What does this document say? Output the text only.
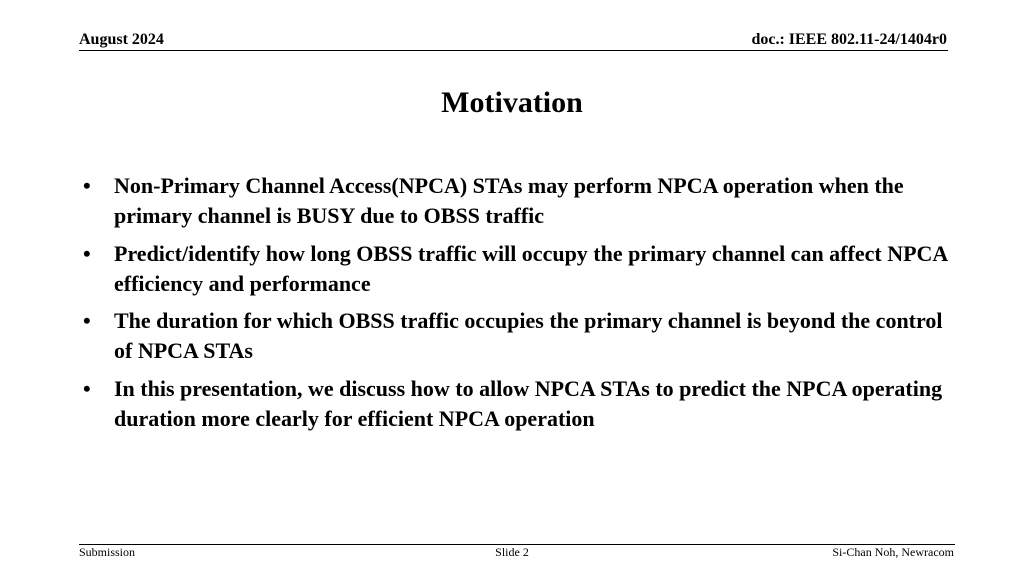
August 2024	doc.: IEEE 802.11-24/1404r0
Motivation
•	Non-Primary Channel Access(NPCA) STAs may perform NPCA operation when the primary channel is BUSY due to OBSS traffic
•	Predict/identify how long OBSS traffic will occupy the primary channel can affect NPCA efficiency and performance
•	The duration for which OBSS traffic occupies the primary channel is beyond the control of NPCA STAs
•	In this presentation, we discuss how to allow NPCA STAs to predict the NPCA operating duration more clearly for efficient NPCA operation
Submission	Slide 2	Si-Chan Noh, Newracom
